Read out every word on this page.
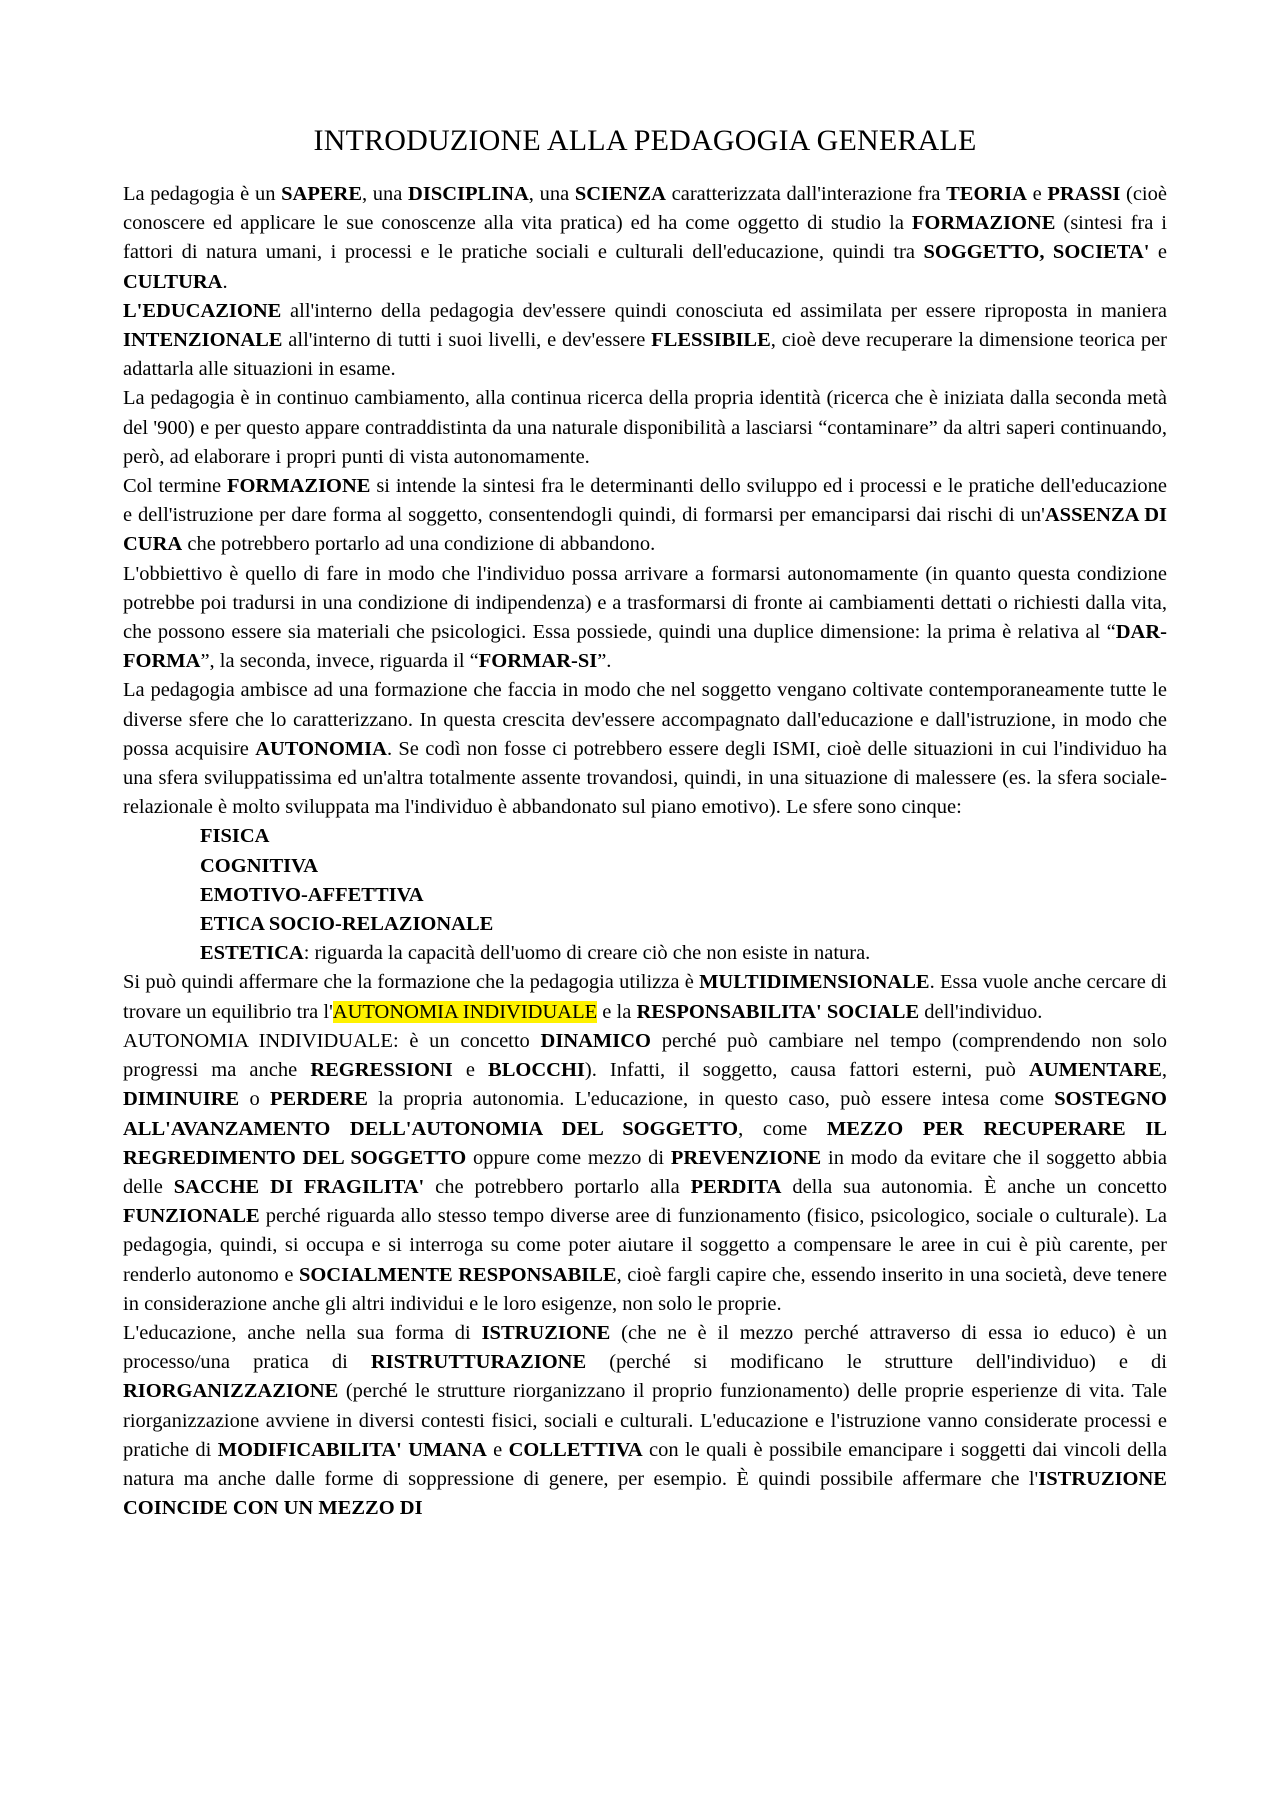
INTRODUZIONE ALLA PEDAGOGIA GENERALE

La pedagogia è un SAPERE, una DISCIPLINA, una SCIENZA caratterizzata dall'interazione fra TEORIA e PRASSI (cioè conoscere ed applicare le sue conoscenze alla vita pratica) ed ha come oggetto di studio la FORMAZIONE (sintesi fra i fattori di natura umani, i processi e le pratiche sociali e culturali dell'educazione, quindi tra SOGGETTO, SOCIETA' e CULTURA.

L'EDUCAZIONE all'interno della pedagogia dev'essere quindi conosciuta ed assimilata per essere riproposta in maniera INTENZIONALE all'interno di tutti i suoi livelli, e dev'essere FLESSIBILE, cioè deve recuperare la dimensione teorica per adattarla alle situazioni in esame.

La pedagogia è in continuo cambiamento, alla continua ricerca della propria identità (ricerca che è iniziata dalla seconda metà del '900) e per questo appare contraddistinta da una naturale disponibilità a lasciarsi “contaminare” da altri saperi continuando, però, ad elaborare i propri punti di vista autonomamente.

Col termine FORMAZIONE si intende la sintesi fra le determinanti dello sviluppo ed i processi e le pratiche dell'educazione e dell'istruzione per dare forma al soggetto, consentendogli quindi, di formarsi per emanciparsi dai rischi di un'ASSENZA DI CURA che potrebbero portarlo ad una condizione di abbandono.

L'obbiettivo è quello di fare in modo che l'individuo possa arrivare a formarsi autonomamente (in quanto questa condizione potrebbe poi tradursi in una condizione di indipendenza) e a trasformarsi di fronte ai cambiamenti dettati o richiesti dalla vita, che possono essere sia materiali che psicologici. Essa possiede, quindi una duplice dimensione: la prima è relativa al “DAR-FORMA”, la seconda, invece, riguarda il “FORMAR-SI”.

La pedagogia ambisce ad una formazione che faccia in modo che nel soggetto vengano coltivate contemporaneamente tutte le diverse sfere che lo caratterizzano. In questa crescita dev'essere accompagnato dall'educazione e dall'istruzione, in modo che possa acquisire AUTONOMIA. Se codì non fosse ci potrebbero essere degli ISMI, cioè delle situazioni in cui l'individuo ha una sfera sviluppatissima ed un'altra totalmente assente trovandosi, quindi, in una situazione di malessere (es. la sfera sociale-relazionale è molto sviluppata ma l'individuo è abbandonato sul piano emotivo). Le sfere sono cinque:

FISICA
COGNITIVA
EMOTIVO-AFFETTIVA
ETICA SOCIO-RELAZIONALE
ESTETICA: riguarda la capacità dell'uomo di creare ciò che non esiste in natura.

Si può quindi affermare che la formazione che la pedagogia utilizza è MULTIDIMENSIONALE. Essa vuole anche cercare di trovare un equilibrio tra l'AUTONOMIA INDIVIDUALE e la RESPONSABILITA' SOCIALE dell'individuo.

AUTONOMIA INDIVIDUALE: è un concetto DINAMICO perché può cambiare nel tempo (comprendendo non solo progressi ma anche REGRESSIONI e BLOCCHI). Infatti, il soggetto, causa fattori esterni, può AUMENTARE, DIMINUIRE o PERDERE la propria autonomia. L'educazione, in questo caso, può essere intesa come SOSTEGNO ALL'AVANZAMENTO DELL'AUTONOMIA DEL SOGGETTO, come MEZZO PER RECUPERARE IL REGREDIMENTO DEL SOGGETTO oppure come mezzo di PREVENZIONE in modo da evitare che il soggetto abbia delle SACCHE DI FRAGILITA' che potrebbero portarlo alla PERDITA della sua autonomia. È anche un concetto FUNZIONALE perché riguarda allo stesso tempo diverse aree di funzionamento (fisico, psicologico, sociale o culturale). La pedagogia, quindi, si occupa e si interroga su come poter aiutare il soggetto a compensare le aree in cui è più carente, per renderlo autonomo e SOCIALMENTE RESPONSABILE, cioè fargli capire che, essendo inserito in una società, deve tenere in considerazione anche gli altri individui e le loro esigenze, non solo le proprie.

L'educazione, anche nella sua forma di ISTRUZIONE (che ne è il mezzo perché attraverso di essa io educo) è un processo/una pratica di RISTRUTTURAZIONE (perché si modificano le strutture dell'individuo) e di RIORGANIZZAZIONE (perché le strutture riorganizzano il proprio funzionamento) delle proprie esperienze di vita. Tale riorganizzazione avviene in diversi contesti fisici, sociali e culturali. L'educazione e l'istruzione vanno considerate processi e pratiche di MODIFICABILITA' UMANA e COLLETTIVA con le quali è possibile emancipare i soggetti dai vincoli della natura ma anche dalle forme di soppressione di genere, per esempio. È quindi possibile affermare che l'ISTRUZIONE COINCIDE CON UN MEZZO DI
